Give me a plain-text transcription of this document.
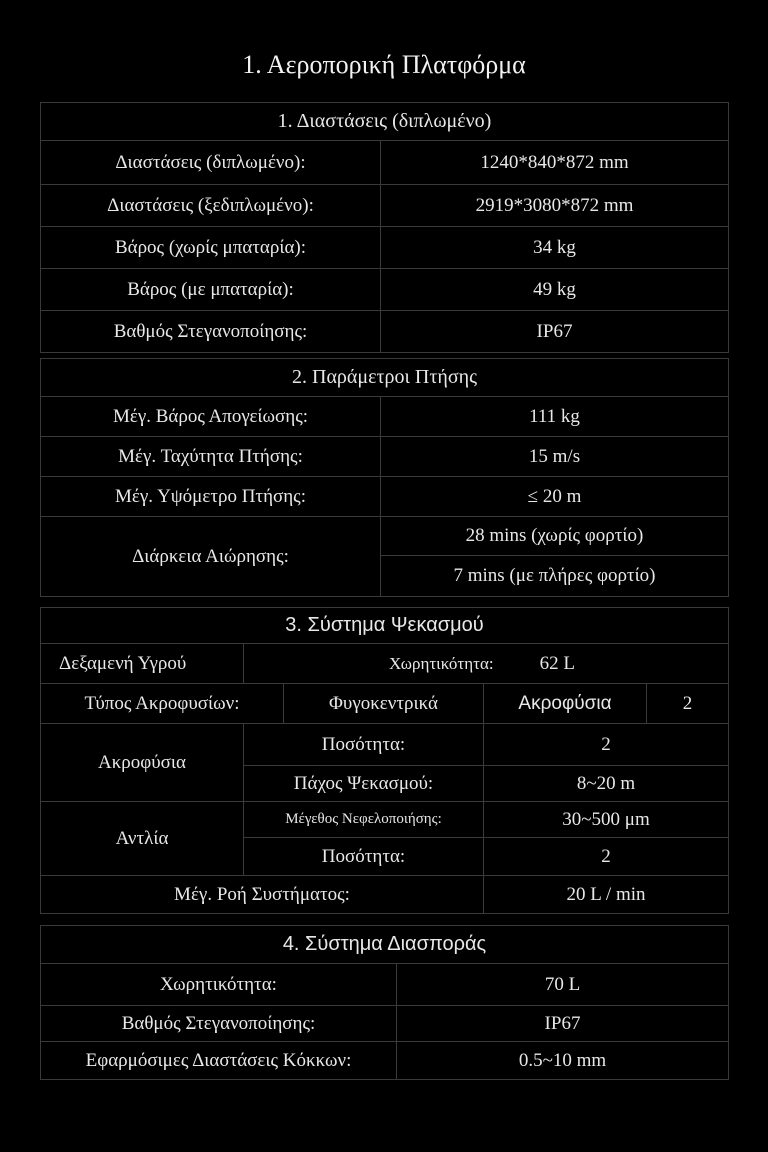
1. Αεροπορική Πλατφόρμα
1. Διαστάσεις (διπλωμένο)	
Διαστάσεις (διπλωμένο):	1240*840*872 mm
Διαστάσεις (ξεδιπλωμένο):	2919*3080*872 mm
Βάρος (χωρίς μπαταρία):	34 kg
Βάρος (με μπαταρία):	49 kg
Βαθμός Στεγανοποίησης:	IP67
2. Παράμετροι Πτήσης	
Μέγ. Βάρος Απογείωσης:	111 kg
Μέγ. Ταχύτητα Πτήσης:	15 m/s
Μέγ. Υψόμετρο Πτήσης:	≤ 20 m
Διάρκεια Αιώρησης:	28 mins (χωρίς φορτίο)
	7 mins (με πλήρες φορτίο)
3. Σύστημα Ψεκασμού				
Δεξαμενή Υγρού	Χωρητικότητα: 62 L			
Τύπος Ακροφυσίων:		Φυγοκεντρικά	Ακροφύσια	2
Ακροφύσια	Ποσότητα:		2	
	Πάχος Ψεκασμού:		8~20 m	
Αντλία	Μέγεθος Νεφελοποιήσης:		30~500 μm	
	Ποσότητα:		2	
Μέγ. Ροή Συστήματος:			20 L / min	
4. Σύστημα Διασποράς	
Χωρητικότητα:	70 L
Βαθμός Στεγανοποίησης:	IP67
Εφαρμόσιμες Διαστάσεις Κόκκων:	0.5~10 mm
